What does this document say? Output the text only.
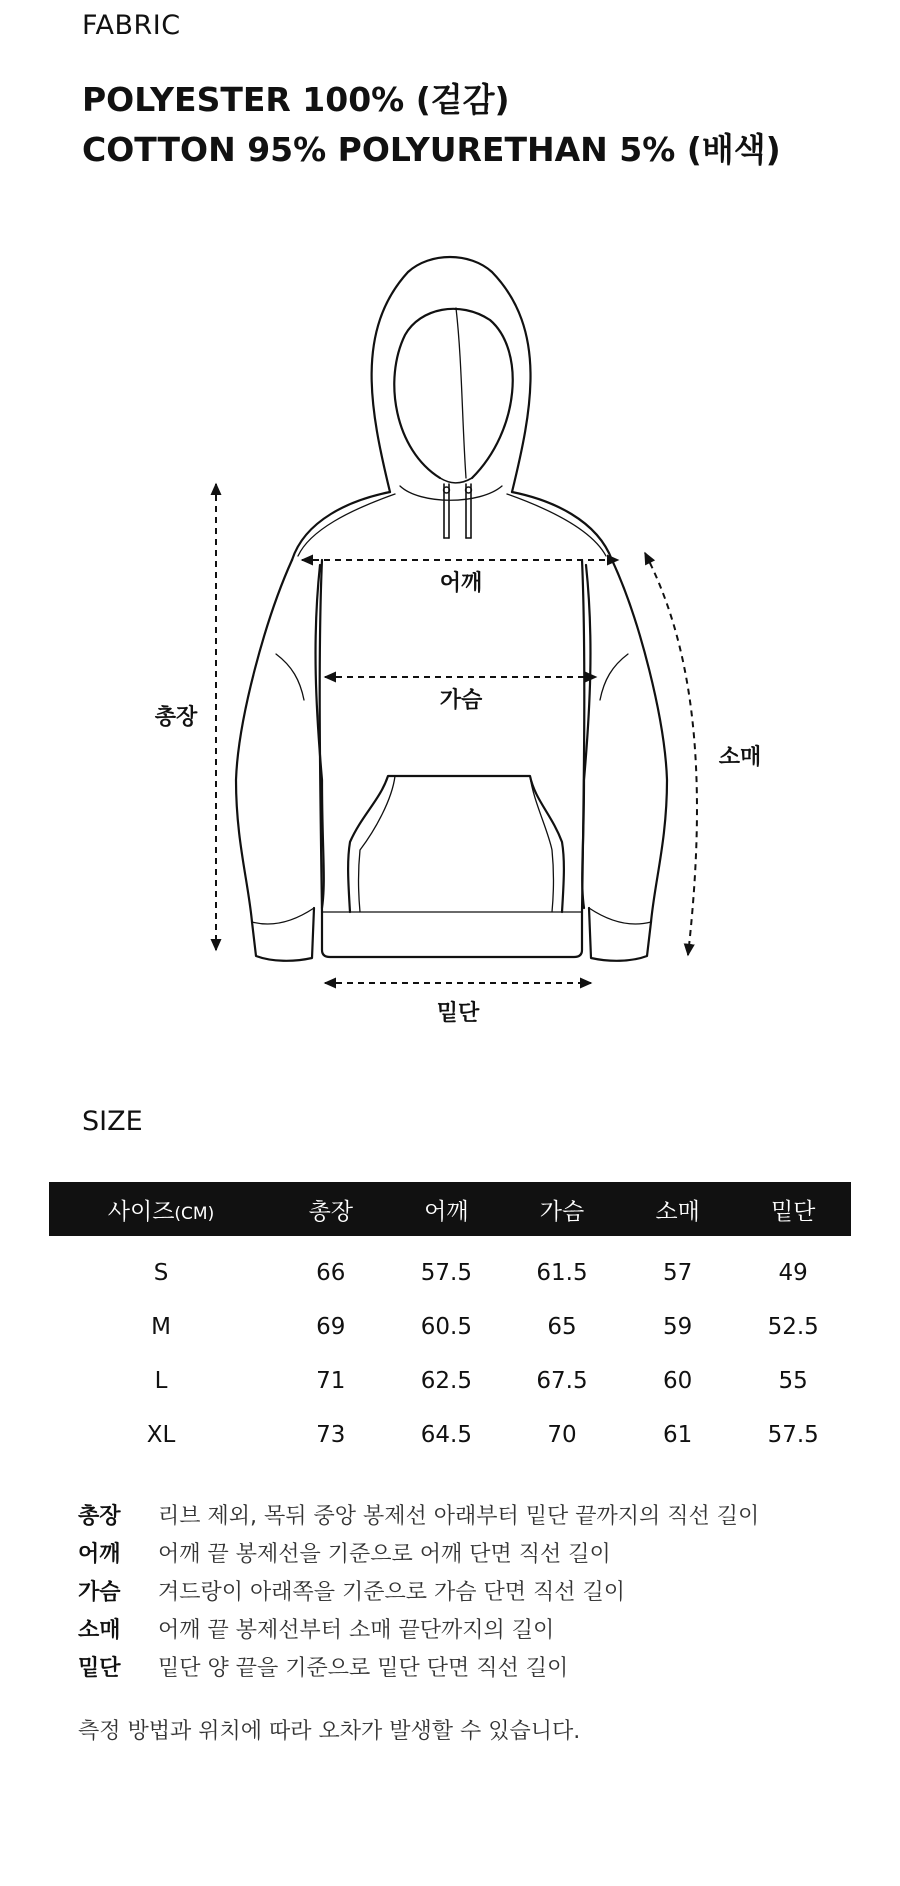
FABRIC
POLYESTER 100% (겉감)
COTTON 95% POLYURETHAN 5% (배색)
어깨
가슴
총장
소매
밑단
SIZE
사이즈(CM)	총장	어깨	가슴	소매	밑단
S	66	57.5	61.5	57	49
M	69	60.5	65	59	52.5
L	71	62.5	67.5	60	55
XL	73	64.5	70	61	57.5
총장	리브 제외, 목뒤 중앙 봉제선 아래부터 밑단 끝까지의 직선 길이
어깨	어깨 끝 봉제선을 기준으로 어깨 단면 직선 길이
가슴	겨드랑이 아래쪽을 기준으로 가슴 단면 직선 길이
소매	어깨 끝 봉제선부터 소매 끝단까지의 길이
밑단	밑단 양 끝을 기준으로 밑단 단면 직선 길이
측정 방법과 위치에 따라 오차가 발생할 수 있습니다.
